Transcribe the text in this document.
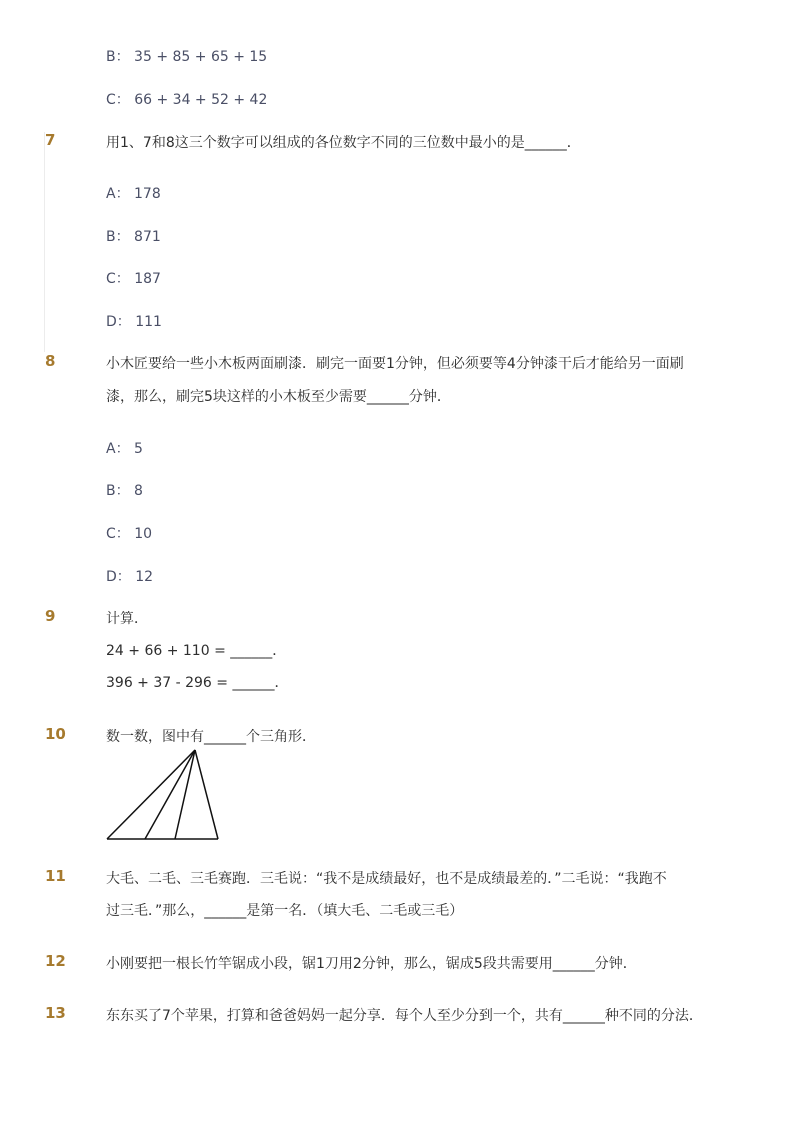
B： 35 + 85 + 65 + 15
C： 66 + 34 + 52 + 42
7	用1、7和8这三个数字可以组成的各位数字不同的三位数中最小的是______．
A： 178
B： 871
C： 187
D： 111
8	小木匠要给一些小木板两面刷漆．刷完一面要1分钟，但必须要等4分钟漆干后才能给另一面刷
漆，那么，刷完5块这样的小木板至少需要______分钟．
A： 5
B： 8
C： 10
D： 12
9	计算．
24 + 66 + 110 = ______．
396 + 37 - 296 = ______．
10	数一数，图中有______个三角形．
11	大毛、二毛、三毛赛跑．三毛说：“我不是成绩最好，也不是成绩最差的．”二毛说：“我跑不
过三毛．”那么，______是第一名．（填大毛、二毛或三毛）
12	小刚要把一根长竹竿锯成小段，锯1刀用2分钟，那么，锯成5段共需要用______分钟．
13	东东买了7个苹果，打算和爸爸妈妈一起分享．每个人至少分到一个，共有______种不同的分法．
